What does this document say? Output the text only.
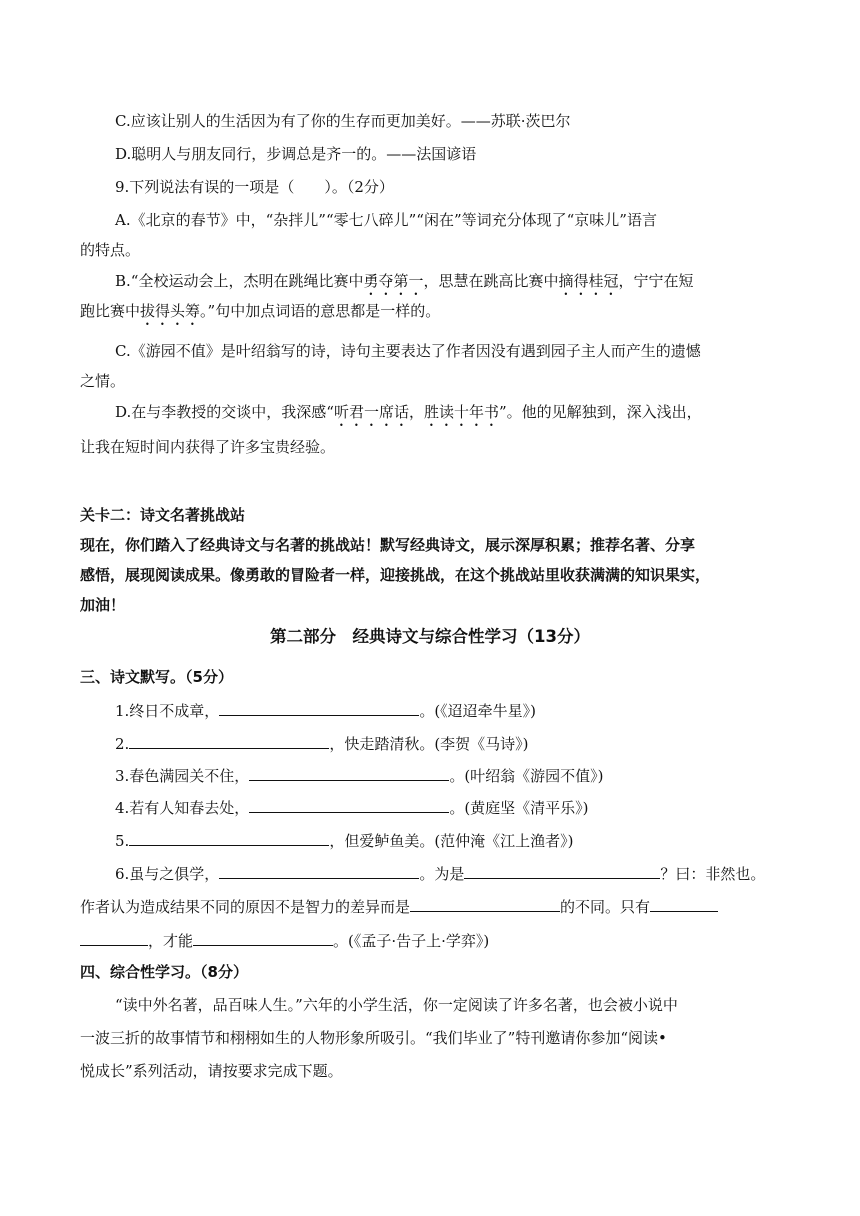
C.应该让别人的生活因为有了你的生存而更加美好。——苏联·茨巴尔
D.聪明人与朋友同行，步调总是齐一的。——法国谚语
9.下列说法有误的一项是（　　）。（2分）
A.《北京的春节》中，“杂拌儿”“零七八碎儿”“闲在”等词充分体现了“京味儿”语言
的特点。
B.“全校运动会上，杰明在跳绳比赛中勇夺第一，思慧在跳高比赛中摘得桂冠，宁宁在短
跑比赛中拔得头筹。”句中加点词语的意思都是一样的。
C.《游园不值》是叶绍翁写的诗，诗句主要表达了作者因没有遇到园子主人而产生的遗憾
之情。
D.在与李教授的交谈中，我深感“听君一席话，胜读十年书”。他的见解独到，深入浅出，
让我在短时间内获得了许多宝贵经验。
关卡二：诗文名著挑战站
现在，你们踏入了经典诗文与名著的挑战站！默写经典诗文，展示深厚积累；推荐名著、分享
感悟，展现阅读成果。像勇敢的冒险者一样，迎接挑战，在这个挑战站里收获满满的知识果实，
加油！
第二部分　经典诗文与综合性学习（13分）
三、诗文默写。（5分）
1.终日不成章，	。(《迢迢牵牛星》)
2.	，快走踏清秋。(李贺《马诗》)
3.春色满园关不住，	。(叶绍翁《游园不值》)
4.若有人知春去处，	。(黄庭坚《清平乐》)
5.	，但爱鲈鱼美。(范仲淹《江上渔者》)
6.虽与之俱学，	。为是	？曰：非然也。
作者认为造成结果不同的原因不是智力的差异而是	的不同。只有
，才能	。(《孟子·告子上·学弈》)
四、综合性学习。（8分）
“读中外名著，品百味人生。”六年的小学生活，你一定阅读了许多名著，也会被小说中
一波三折的故事情节和栩栩如生的人物形象所吸引。“我们毕业了”特刊邀请你参加“阅读•
悦成长”系列活动，请按要求完成下题。
